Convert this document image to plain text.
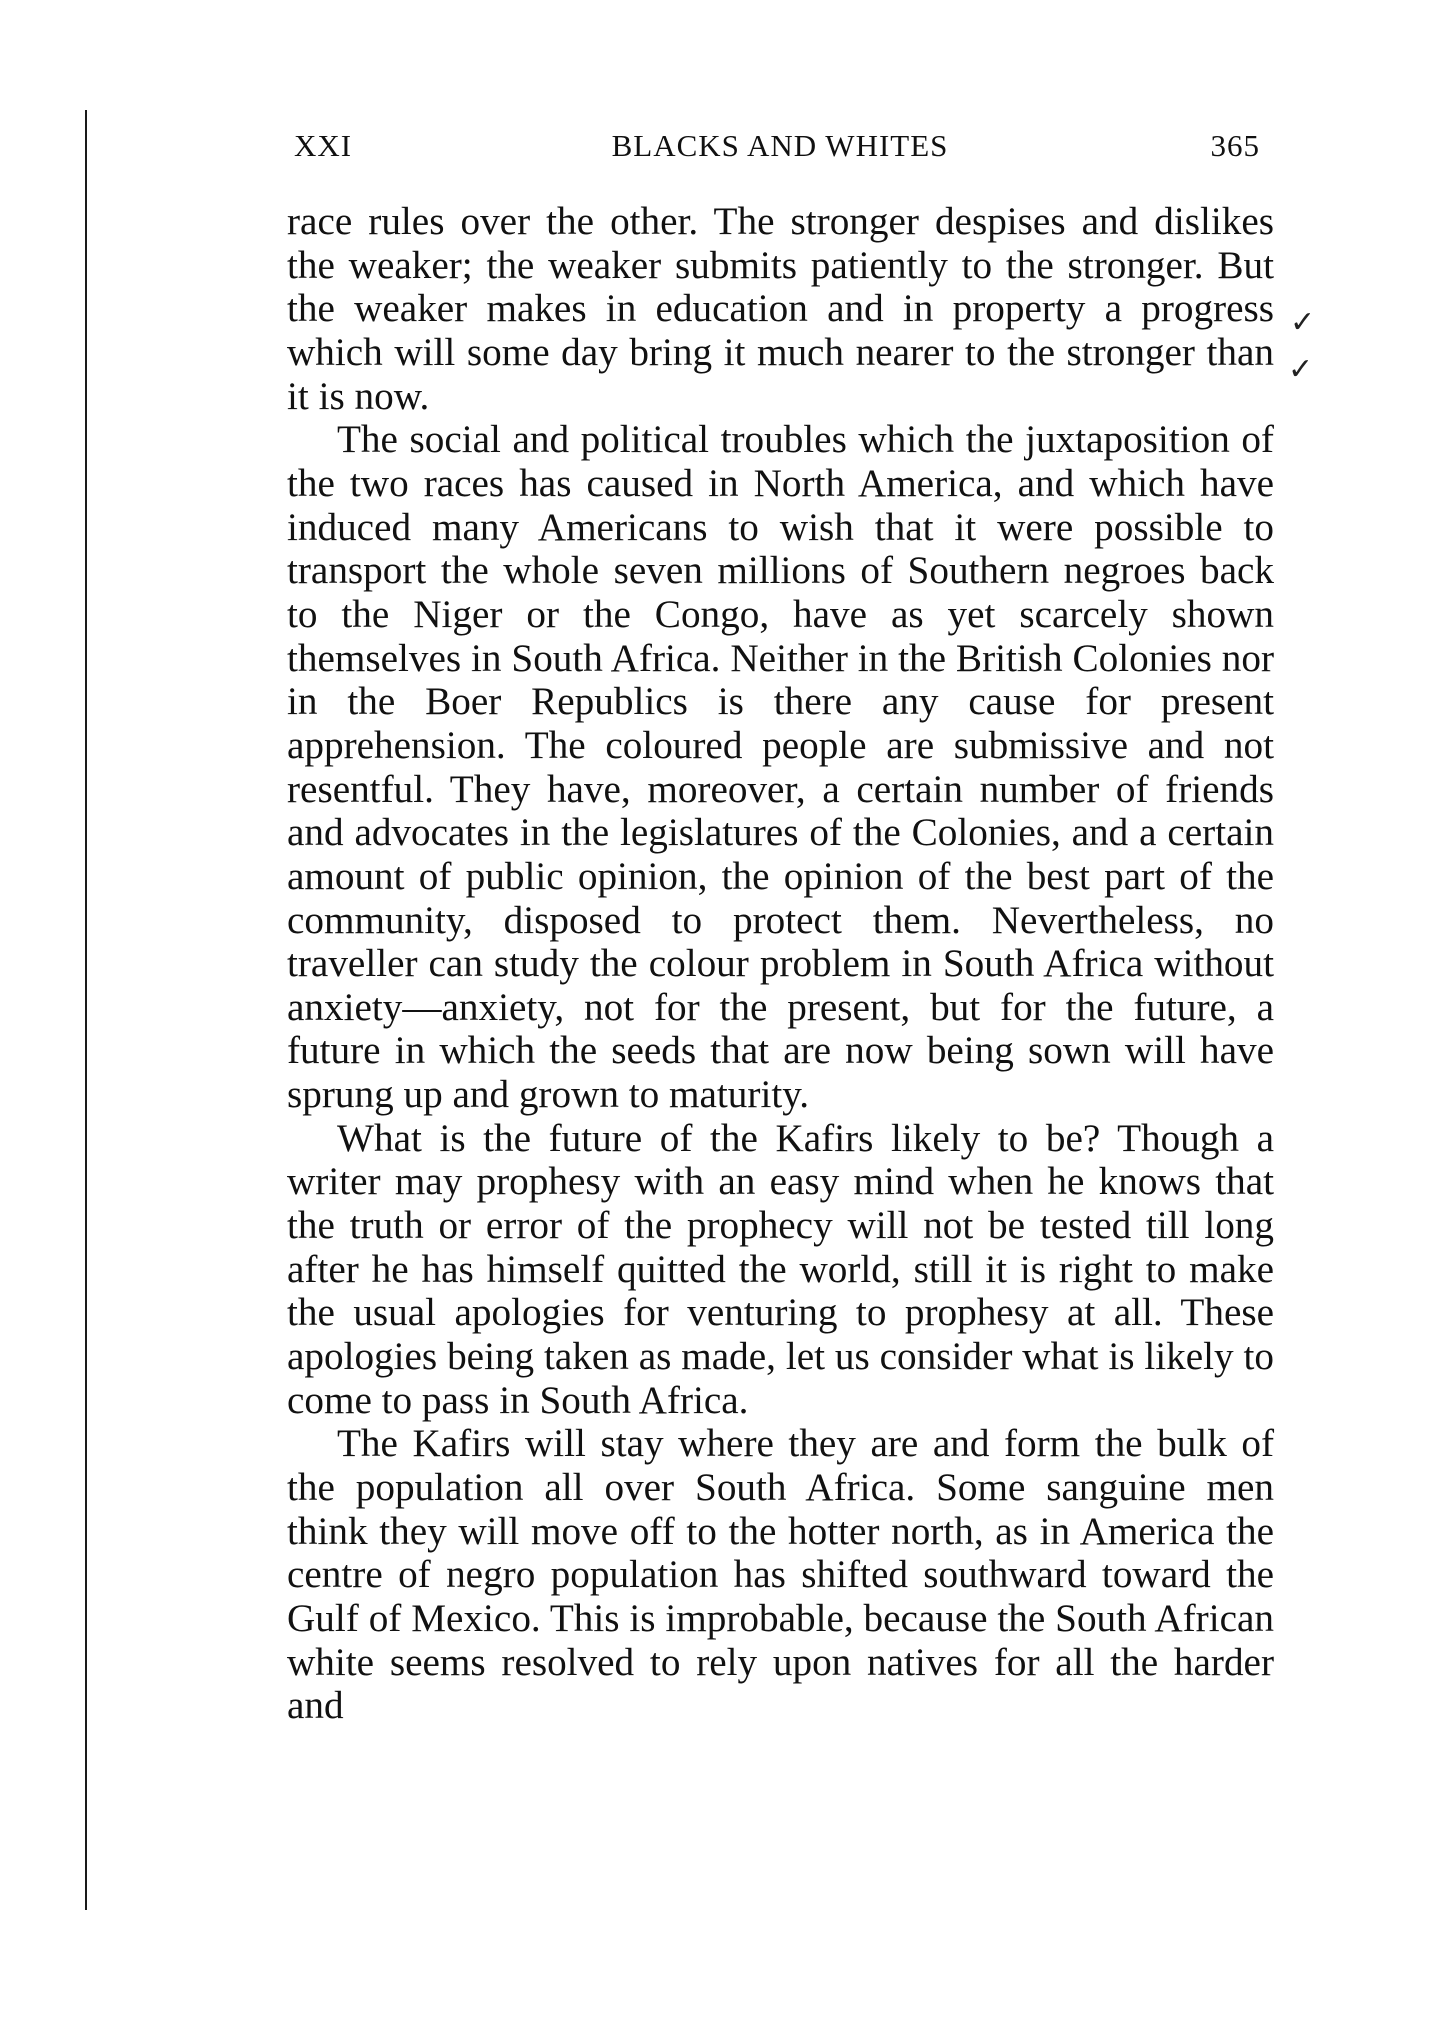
✓
✓
XXI	BLACKS AND WHITES	365

race rules over the other. The stronger despises and dislikes the weaker; the weaker submits patiently to the stronger. But the weaker makes in education and in property a progress which will some day bring it much nearer to the stronger than it is now.

The social and political troubles which the juxtaposition of the two races has caused in North America, and which have induced many Americans to wish that it were possible to transport the whole seven millions of Southern negroes back to the Niger or the Congo, have as yet scarcely shown themselves in South Africa. Neither in the British Colonies nor in the Boer Republics is there any cause for present apprehension. The coloured people are submissive and not resentful. They have, moreover, a certain number of friends and advocates in the legislatures of the Colonies, and a certain amount of public opinion, the opinion of the best part of the community, disposed to protect them. Nevertheless, no traveller can study the colour problem in South Africa without anxiety—anxiety, not for the present, but for the future, a future in which the seeds that are now being sown will have sprung up and grown to maturity.

What is the future of the Kafirs likely to be? Though a writer may prophesy with an easy mind when he knows that the truth or error of the prophecy will not be tested till long after he has himself quitted the world, still it is right to make the usual apologies for venturing to prophesy at all. These apologies being taken as made, let us consider what is likely to come to pass in South Africa.

The Kafirs will stay where they are and form the bulk of the population all over South Africa. Some sanguine men think they will move off to the hotter north, as in America the centre of negro population has shifted southward toward the Gulf of Mexico. This is improbable, because the South African white seems resolved to rely upon natives for all the harder and
